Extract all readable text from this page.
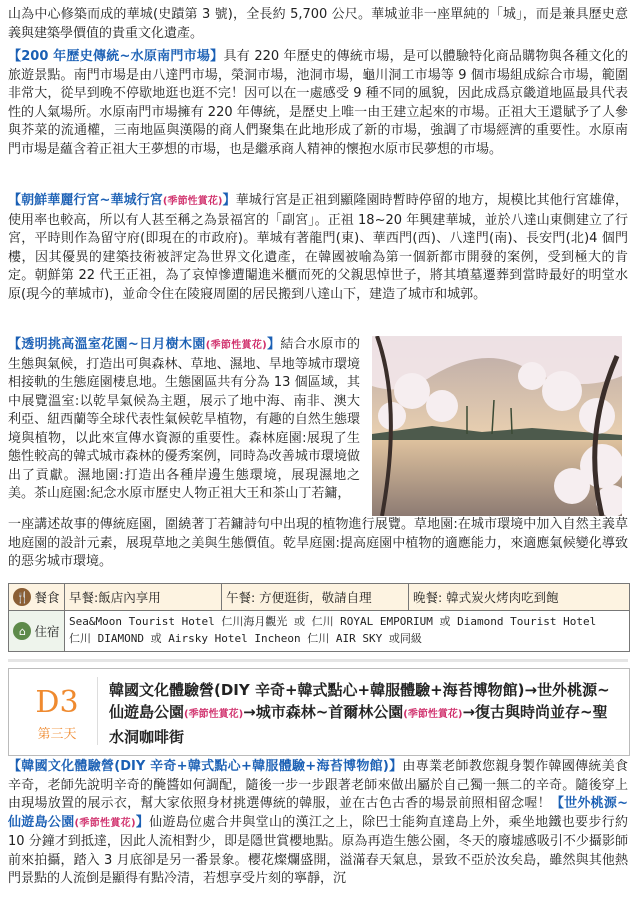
山為中心修築而成的華城(史蹟第 3 號)，全長約 5,700 公尺。華城並非一座單純的「城」，而是兼具歷史意義與建築學價值的貴重文化遺產。
【200 年歷史傳統~水原南門市場】具有 220 年歷史的傳統市場，是可以體驗特化商品購物與各種文化的旅遊景點。南門市場是由八達門市場，榮洞市場，池洞市場，龜川洞工市場等 9 個市場組成綜合市場，範圍非常大，從早到晚不停歇地逛也逛不完！因可以在一處感受 9 種不同的風貌，因此成爲京畿道地區最具代表性的人氣場所。水原南門市場擁有 220 年傳統，是歷史上唯一由王建立起來的市場。正祖大王還賦予了人參與芥菜的流通權，三南地區與漢陽的商人們聚集在此地形成了新的市場，強調了市場經濟的重要性。水原南門市場是蘊含着正祖大王夢想的市場，也是繼承商人精神的懷抱水原市民夢想的市場。
【朝鮮華麗行宮~華城行宮(季節性賞花)】華城行宮是正祖到顯隆園時暫時停留的地方，規模比其他行宮雄偉，使用率也較高，所以有人甚至稱之為景福宮的「副宮」。正祖 18~20 年興建華城，並於八達山東側建立了行宮，平時則作為留守府(即現在的市政府)。華城有著龍門(東)、華西門(西)、八達門(南)、長安門(北)4 個門樓，因其優異的建築技術被評定為世界文化遺產，在韓國被喻為第一個新都市開發的案例，受到極大的肯定。朝鮮第 22 代王正祖，為了哀悼慘遭閹進米櫃而死的父親思悼世子，將其墳墓遷葬到當時最好的明堂水原(現今的華城市)，並命令住在陵寢周圍的居民搬到八達山下，建造了城市和城郭。
【透明挑高溫室花園~日月樹木園(季節性賞花)】結合水原市的生態與氣候，打造出可與森林、草地、濕地、旱地等城市環境相接軌的生態庭園棲息地。生態園區共有分為 13 個區域，其中展覽溫室:以乾旱氣候為主題，展示了地中海、南非、澳大利亞、紐西蘭等全球代表性氣候乾旱植物，有趣的自然生態環境與植物，以此來宣傳水資源的重要性。森林庭園:展現了生態性較高的韓式城市森林的優秀案例，同時為改善城市環境做出了貢獻。濕地園:打造出各種岸邊生態環境，展現濕地之美。茶山庭園:紀念水原市歷史人物正祖大王和茶山丁若鏞，
🍴 餐食 早餐:飯店內享用	午餐: 方便逛街，敬請自理	晚餐: 韓式炭火烤肉吃到飽
⌂ 住宿
Sea&Moon Tourist Hotel 仁川海月觀光 或 仁川 ROYAL EMPORIUM 或 Diamond Tourist Hotel
仁川 DIAMOND 或 Airsky Hotel Incheon 仁川 AIR SKY 或同級
D3
第三天
韓國文化體驗營(DIY 辛奇+韓式點心+韓服體驗+海苔博物館)→世外桃源~仙遊島公園(季節性賞花)→城市森林~首爾林公園(季節性賞花)→復古與時尚並存~聖水洞咖啡街
【韓國文化體驗營(DIY 辛奇+韓式點心+韓服體驗+海苔博物館)】由專業老師教您親身製作韓國傳統美食辛奇，老師先說明辛奇的醃醬如何調配，隨後一步一步跟著老師來做出屬於自己獨一無二的辛奇。隨後穿上由現場放置的展示衣，幫大家依照身材挑選傳統的韓服，並在古色古香的場景前照相留念喔！【世外桃源~仙遊島公園(季節性賞花)】仙遊島位處合井與堂山的漢江之上，除巴士能夠直達島上外，乘坐地鐵也要步行約 10 分鐘才到抵達，因此人流相對少，即是隱世賞櫻地點。原為再造生態公園，冬天的廢墟感吸引不少攝影師前來拍攝，踏入 3 月底卻是另一番景象。櫻花燦爛盛開，溢滿春天氣息，景致不亞於汝矣島，雖然與其他熱門景點的人流倒是顯得有點冷清，若想享受片刻的寧靜，沉
一座講述故事的傳統庭園，圍繞著丁若鏞詩句中出現的植物進行展覽。草地園:在城市環境中加入自然主義草地庭園的設計元素，展現草地之美與生態價值。乾旱庭園:提高庭園中植物的適應能力，來適應氣候變化導致的惡劣城市環境。
